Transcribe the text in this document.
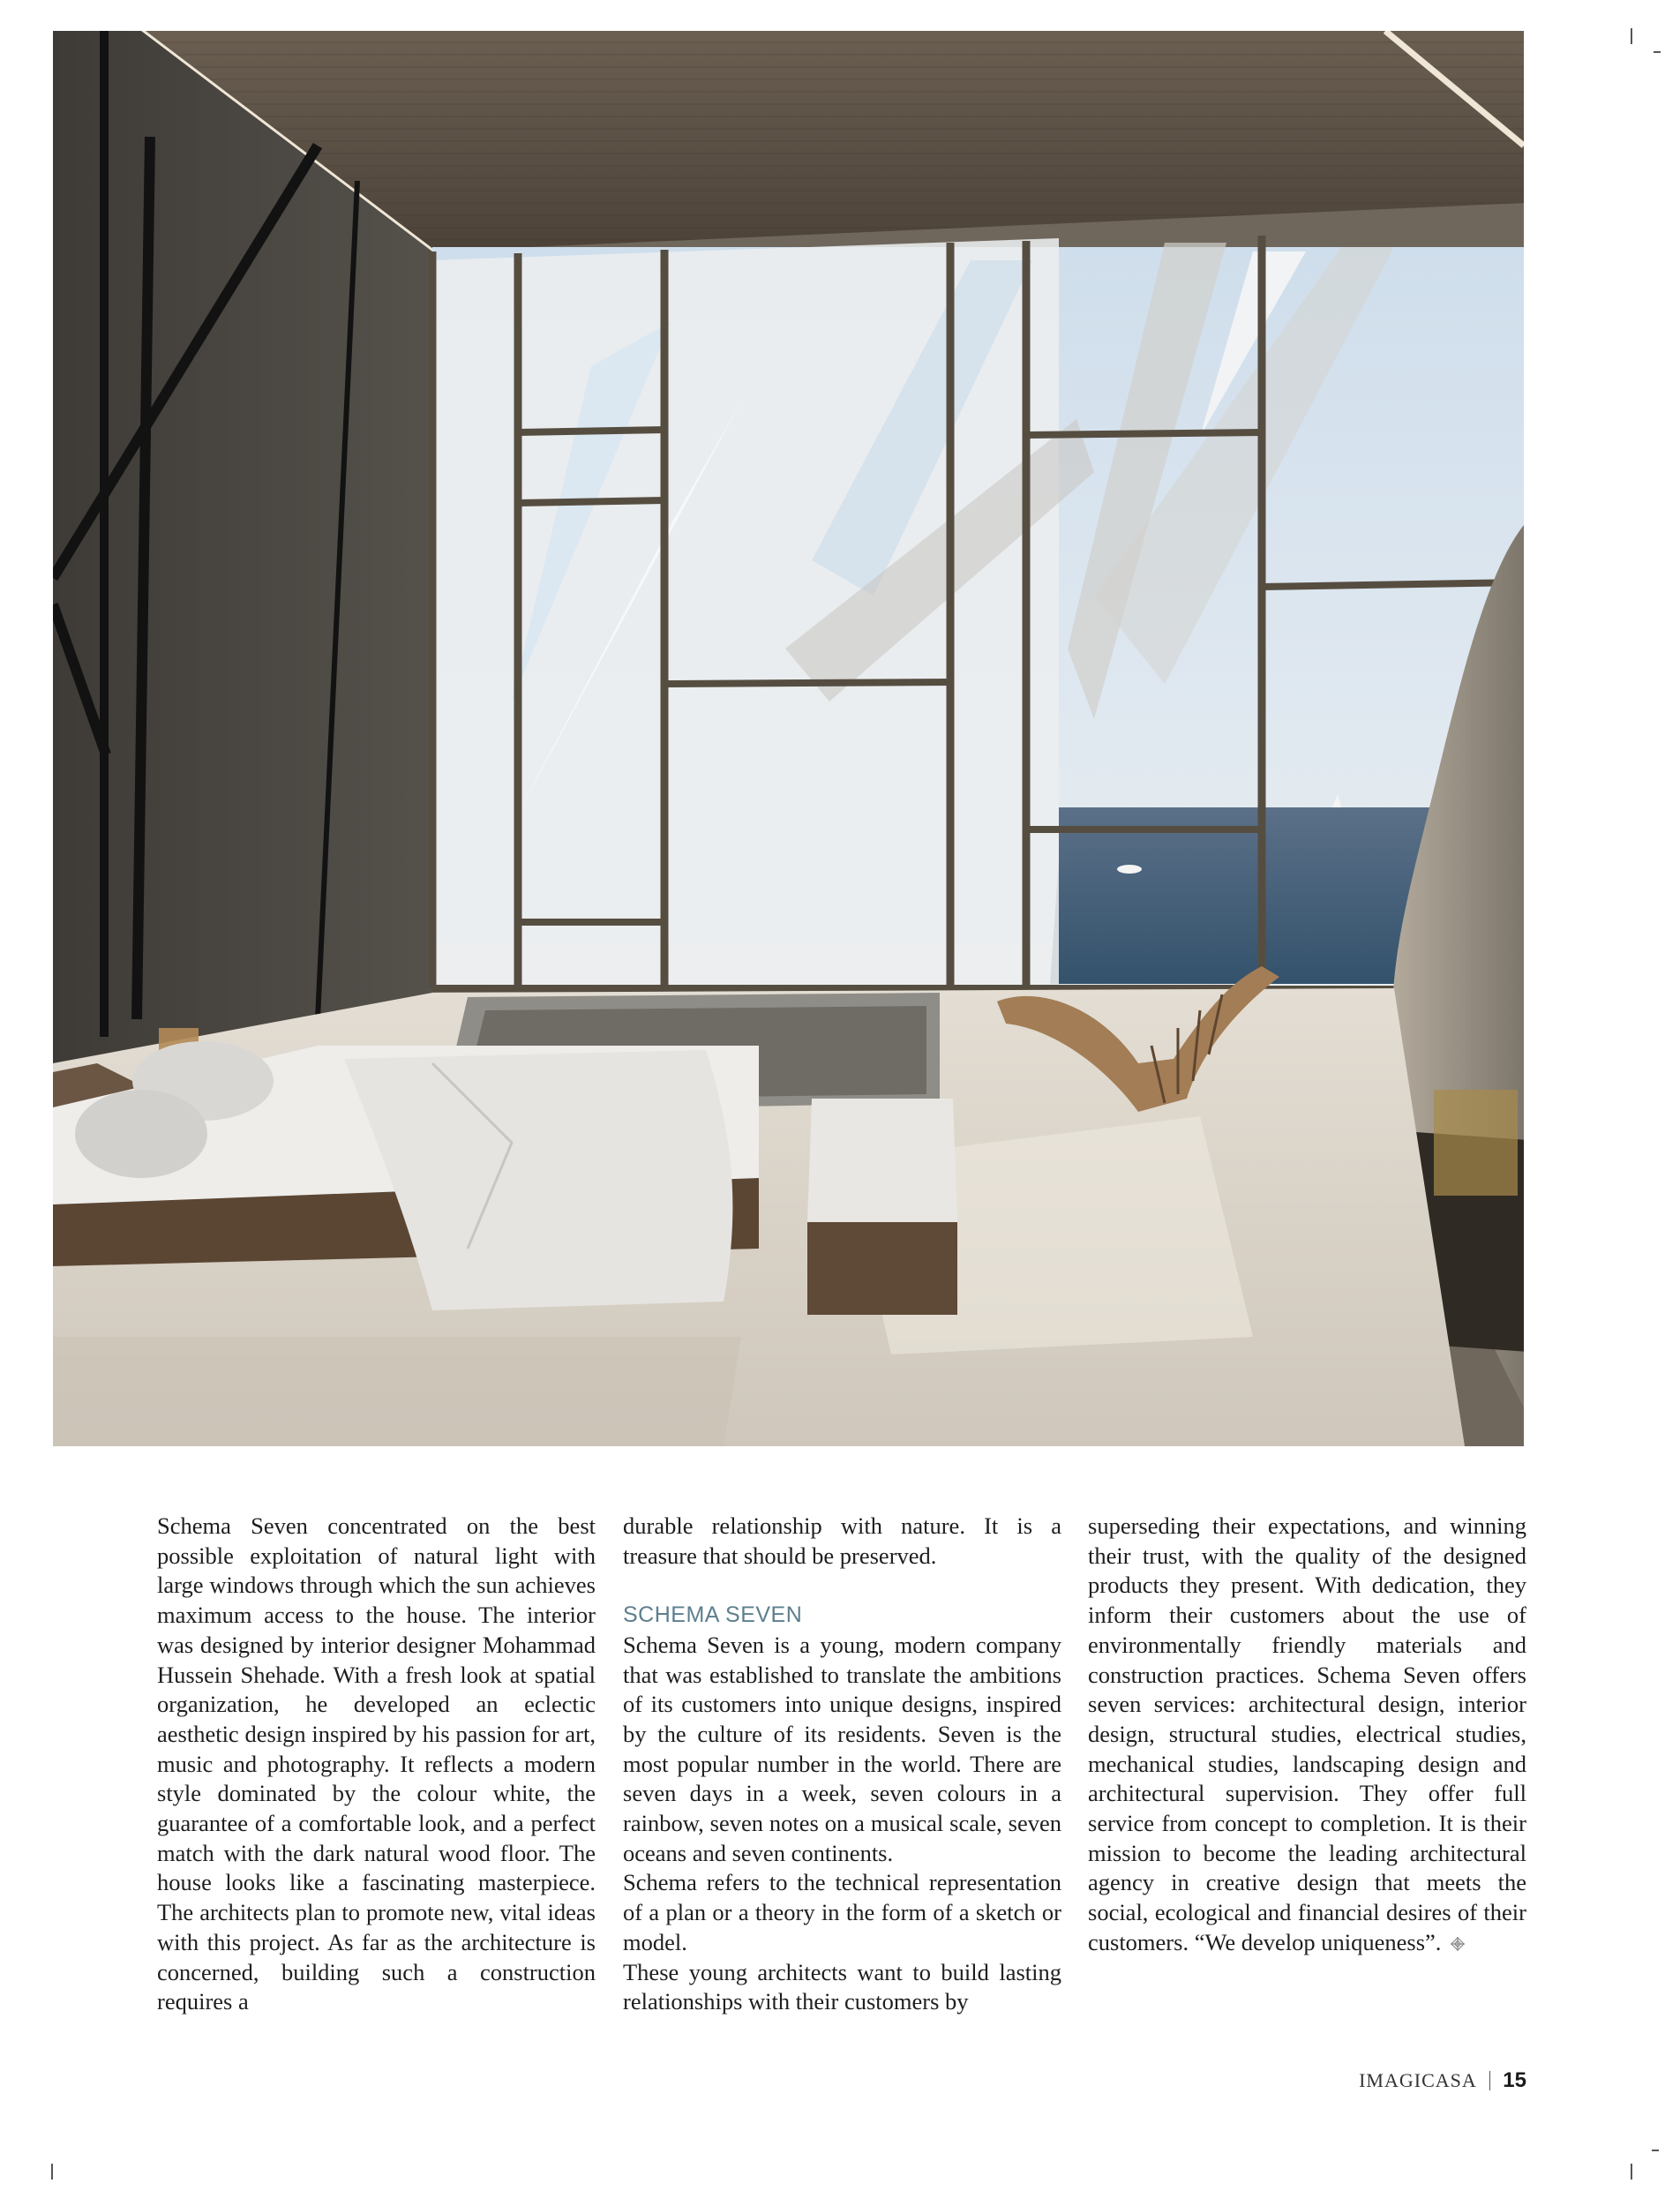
Schema Seven concentrated on the best possible exploitation of natural light with large windows through which the sun achieves maximum access to the house. The interior was designed by interior designer Mohammad Hussein Shehade. With a fresh look at spatial organization, he developed an eclectic aesthetic design inspired by his passion for art, music and photography. It reflects a modern style dominated by the colour white, the guarantee of a comfortable look, and a perfect match with the dark natural wood floor. The house looks like a fascinating masterpiece. The architects plan to promote new, vital ideas with this project. As far as the architecture is concerned, building such a construction requires a

durable relationship with nature. It is a treasure that should be preserved.

SCHEMA SEVEN

Schema Seven is a young, modern company that was established to translate the ambitions of its customers into unique designs, inspired by the culture of its residents. Seven is the most popular number in the world. There are seven days in a week, seven colours in a rainbow, seven notes on a musical scale, seven oceans and seven continents.

Schema refers to the technical representation of a plan or a theory in the form of a sketch or model.

These young architects want to build lasting relationships with their customers by

superseding their expectations, and winning their trust, with the quality of the designed products they present. With dedication, they inform their customers about the use of environmentally friendly materials and construction practices. Schema Seven offers seven services: architectural design, interior design, structural studies, electrical studies, mechanical studies, landscaping design and architectural supervision. They offer full service from concept to completion. It is their mission to become the leading architectural agency in creative design that meets the social, ecological and financial desires of their customers. “We develop uniqueness”.

IMAGICASA 15
